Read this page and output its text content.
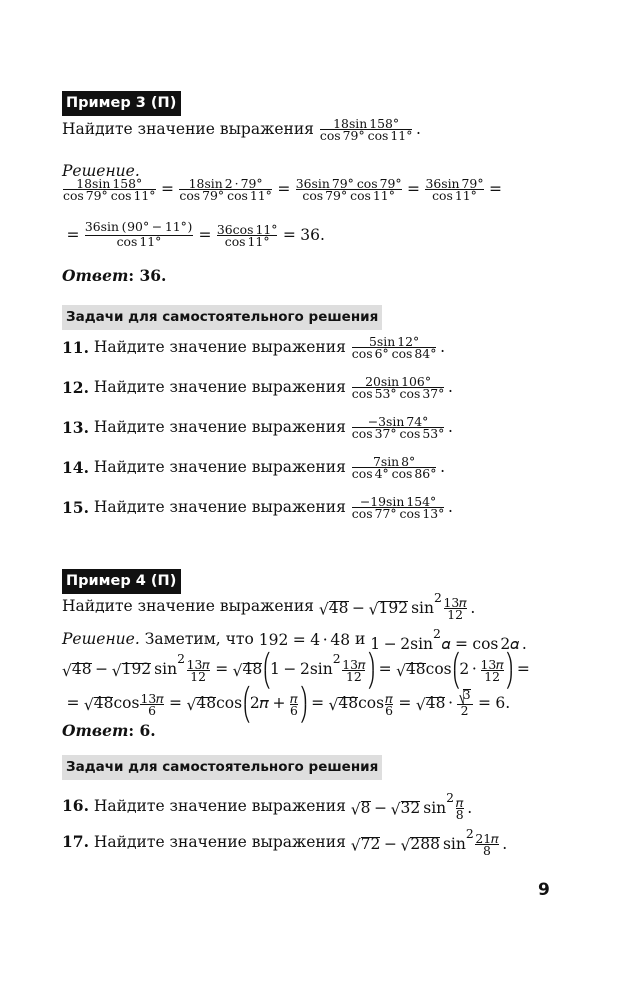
Пример 3 (П)
Найдите значение выражения
18 sin 158 °
cos 79 ° cos 11 ° .
Решение.
18 sin 158 °
cos 79 ° cos 11 ° = 18 sin 2 · 79 °
cos 79 ° cos 11 ° = 36 sin 79 ° cos 79 °
cos 79 ° cos 11 ° = 36 sin 79 °
cos 11 ° =
= 36 sin ( 90 ° − 11 ° )
cos 11 ° = 36 cos 11 °
cos 11 ° = 36.
Ответ: 36.
Задачи для самостоятельного решения
11.
Найдите значение выражения
5 sin 12 °
cos 6 ° cos 84 ° .
12.
Найдите значение выражения
20 sin 106 °
cos 53 ° cos 37 ° .
13.
Найдите значение выражения
− 3 sin 74 °
cos 37 ° cos 53 ° .
14.
Найдите значение выражения
7 sin 8 °
cos 4 ° cos 86 ° .
15.
Найдите значение выражения
− 19 sin 154 °
cos 77 ° cos 13 ° .
Пример 4 (П)
Найдите значение выражения
48 − 192 sin
2 13 π
12 .
Решение.
Заметим, что
192 = 4 · 48
и
1 − 2 sin
2
𝛼 = cos 2 α .
48 − 192 sin
2 13 π
12 = 48
(
1 − 2 sin
2 13 π
12
)
= 48 cos
(
2 · 13 π
12
)
=
= 48 cos 13 π
6 = 48 cos
(
2 π + π
6
)
= 48 cos π
6 = 48 · 3
2 = 6.
Ответ: 6.
Задачи для самостоятельного решения
16.
Найдите значение выражения
8 − 32 sin
2 π
8 .
17.
Найдите значение выражения
72 − 288 sin
2 21 π
8 .
9
